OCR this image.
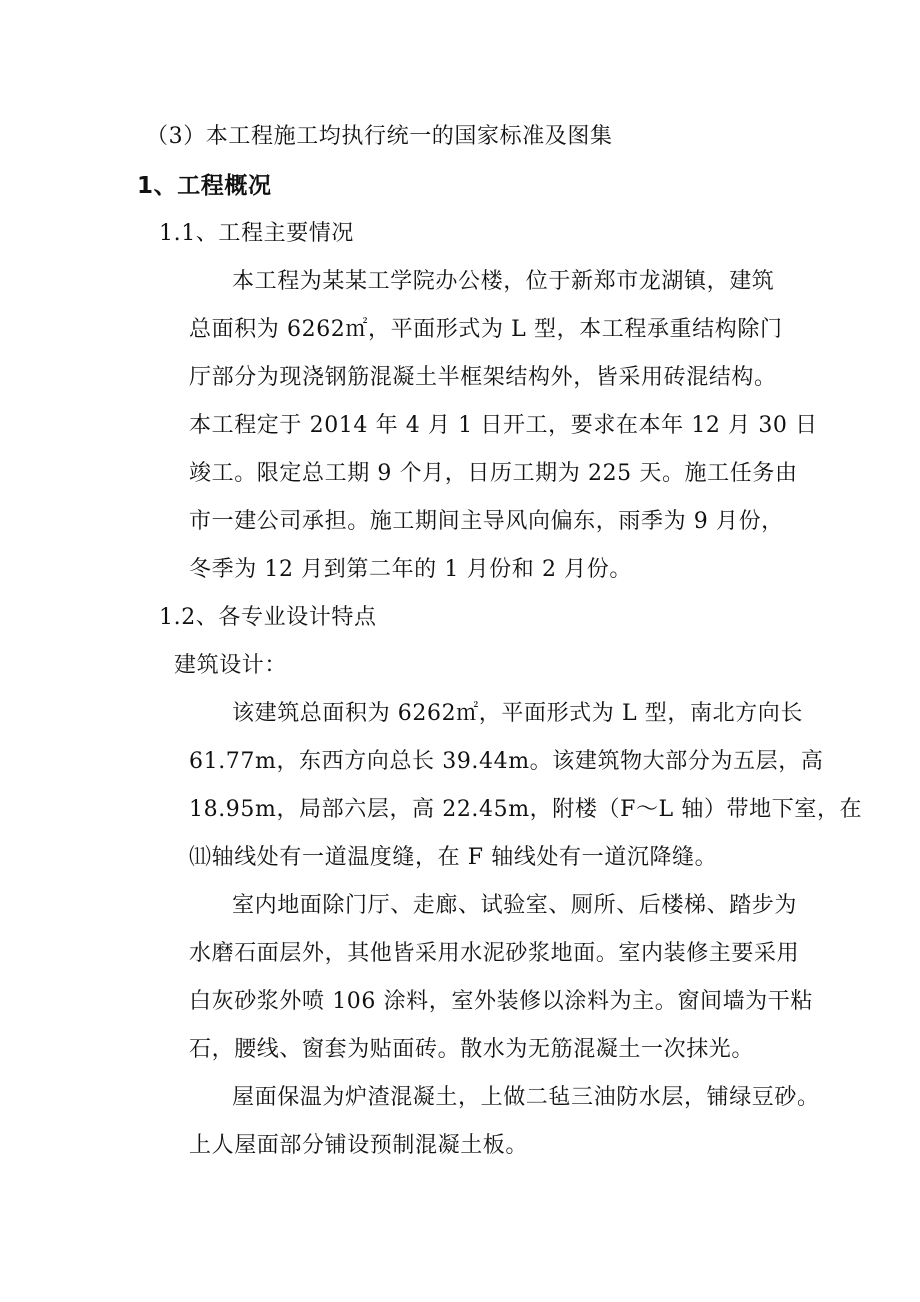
（3）本工程施工均执行统一的国家标准及图集
1、工程概况
1.1、工程主要情况
本工程为某某工学院办公楼，位于新郑市龙湖镇，建筑
总面积为 6262㎡，平面形式为 L 型，本工程承重结构除门
厅部分为现浇钢筋混凝土半框架结构外，皆采用砖混结构。
本工程定于 2014 年 4 月 1 日开工，要求在本年 12 月 30 日
竣工。限定总工期 9 个月，日历工期为 225 天。施工任务由
市一建公司承担。施工期间主导风向偏东，雨季为 9 月份，
冬季为 12 月到第二年的 1 月份和 2 月份。
1.2、各专业设计特点
建筑设计：
该建筑总面积为 6262㎡，平面形式为 L 型，南北方向长
61.77m，东西方向总长 39.44m。该建筑物大部分为五层，高
18.95m，局部六层，高 22.45m，附楼（F～L 轴）带地下室，在
⑾轴线处有一道温度缝，在 F 轴线处有一道沉降缝。
室内地面除门厅、走廊、试验室、厕所、后楼梯、踏步为
水磨石面层外，其他皆采用水泥砂浆地面。室内装修主要采用
白灰砂浆外喷 106 涂料，室外装修以涂料为主。窗间墙为干粘
石，腰线、窗套为贴面砖。散水为无筋混凝土一次抹光。
屋面保温为炉渣混凝土，上做二毡三油防水层，铺绿豆砂。
上人屋面部分铺设预制混凝土板。
